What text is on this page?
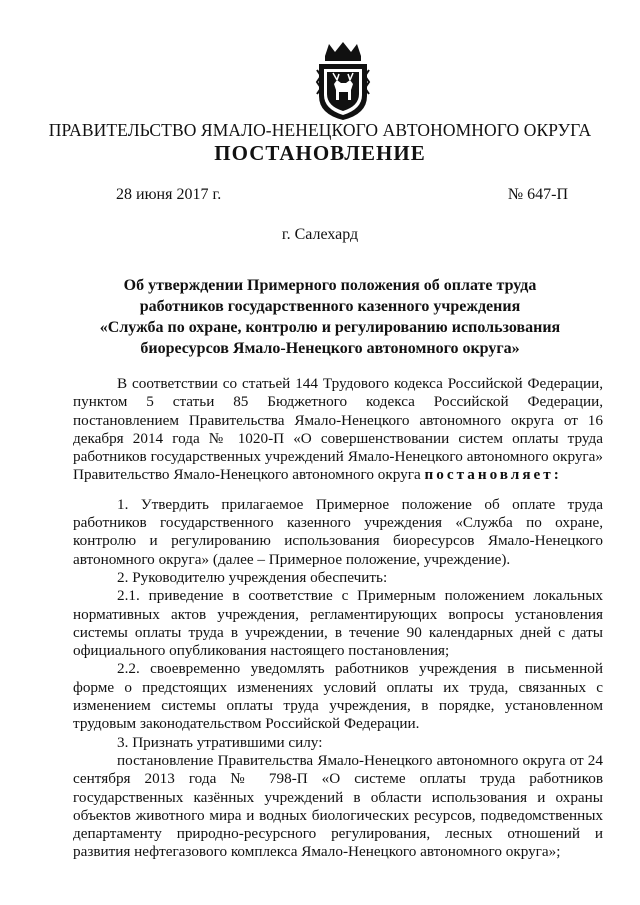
ПРАВИТЕЛЬСТВО ЯМАЛО-НЕНЕЦКОГО АВТОНОМНОГО ОКРУГА
ПОСТАНОВЛЕНИЕ
28 июня 2017 г.	№ 647-П
г. Салехард
Об утверждении Примерного положения об оплате труда
работников государственного казенного учреждения
«Служба по охране, контролю и регулированию использования
биоресурсов Ямало-Ненецкого автономного округа»

В соответствии со статьей 144 Трудового кодекса Российской Федерации, пунктом 5 статьи 85 Бюджетного кодекса Российской Федерации, постановлением Правительства Ямало-Ненецкого автономного округа от 16 декабря 2014 года № 1020-П «О совершенствовании систем оплаты труда работников государственных учреждений Ямало-Ненецкого автономного округа» Правительство Ямало-Ненецкого автономного округа постановляет:

1. Утвердить прилагаемое Примерное положение об оплате труда работников государственного казенного учреждения «Служба по охране, контролю и регулированию использования биоресурсов Ямало-Ненецкого автономного округа» (далее – Примерное положение, учреждение).

2. Руководителю учреждения обеспечить:

2.1. приведение в соответствие с Примерным положением локальных нормативных актов учреждения, регламентирующих вопросы установления системы оплаты труда в учреждении, в течение 90 календарных дней с даты официального опубликования настоящего постановления;

2.2. своевременно уведомлять работников учреждения в письменной форме о предстоящих изменениях условий оплаты их труда, связанных с изменением системы оплаты труда учреждения, в порядке, установленном трудовым законодательством Российской Федерации.

3. Признать утратившими силу:

постановление Правительства Ямало-Ненецкого автономного округа от 24 сентября 2013 года № 798-П «О системе оплаты труда работников государственных казённых учреждений в области использования и охраны объектов животного мира и водных биологических ресурсов, подведомственных департаменту природно-ресурсного регулирования, лесных отношений и развития нефтегазового комплекса Ямало-Ненецкого автономного округа»;
